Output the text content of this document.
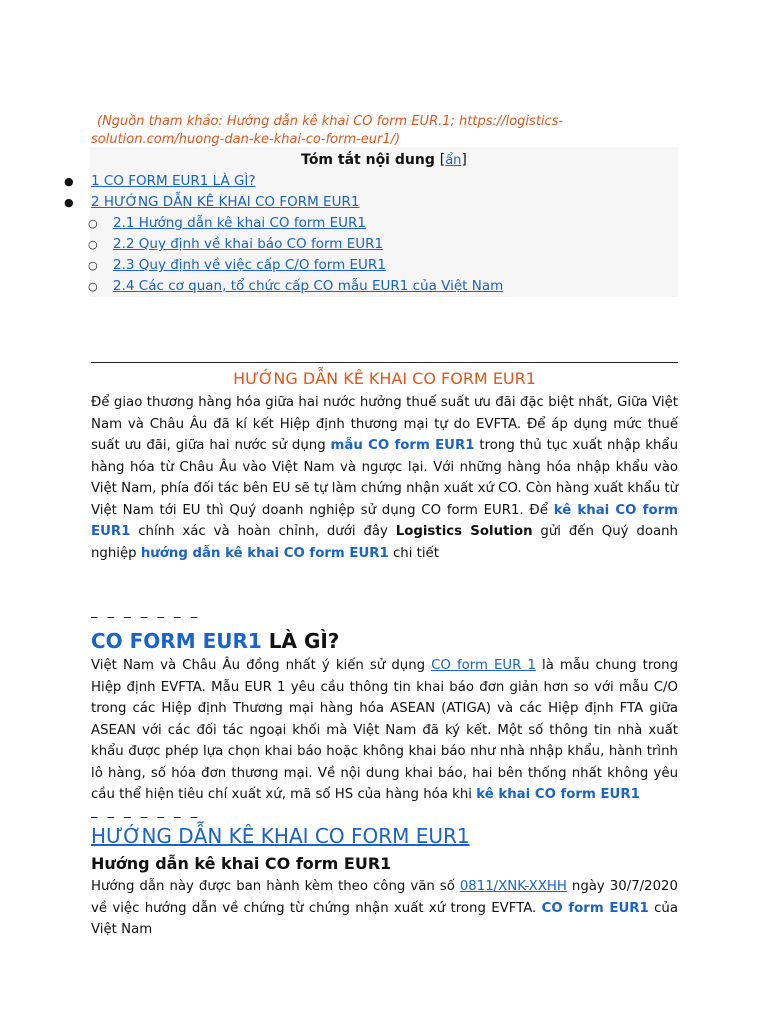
(Nguồn tham khảo: Hướng dẫn kê khai CO form EUR.1; https://logistics-solution.com/huong-dan-ke-khai-co-form-eur1/)

Tóm tắt nội dung [ẩn]
● 1 CO FORM EUR1 LÀ GÌ?
● 2 HƯỚNG DẪN KÊ KHAI CO FORM EUR1
○ 2.1 Hướng dẫn kê khai CO form EUR1
○ 2.2 Quy định về khai báo CO form EUR1
○ 2.3 Quy định về việc cấp C/O form EUR1
○ 2.4 Các cơ quan, tổ chức cấp CO mẫu EUR1 của Việt Nam
HƯỚNG DẪN KÊ KHAI CO FORM EUR1

Để giao thương hàng hóa giữa hai nước hưởng thuế suất ưu đãi đặc biệt nhất, Giữa Việt Nam và Châu Âu đã kí kết Hiệp định thương mại tự do EVFTA. Để áp dụng mức thuế suất ưu đãi, giữa hai nước sử dụng mẫu CO form EUR1 trong thủ tục xuất nhập khẩu hàng hóa từ Châu Âu vào Việt Nam và ngược lại. Với những hàng hóa nhập khẩu vào Việt Nam, phía đối tác bên EU sẽ tự làm chứng nhận xuất xứ CO. Còn hàng xuất khẩu từ Việt Nam tới EU thì Quý doanh nghiệp sử dụng CO form EUR1. Để kê khai CO form EUR1 chính xác và hoàn chỉnh, dưới đây Logistics Solution gửi đến Quý doanh nghiệp hướng dẫn kê khai CO form EUR1 chi tiết

_ _ _ _ _ _ _
CO FORM EUR1 LÀ GÌ?

Việt Nam và Châu Âu đồng nhất ý kiến sử dụng CO form EUR 1 là mẫu chung trong Hiệp định EVFTA. Mẫu EUR 1 yêu cầu thông tin khai báo đơn giản hơn so với mẫu C/O trong các Hiệp định Thương mại hàng hóa ASEAN (ATIGA) và các Hiệp định FTA giữa ASEAN với các đối tác ngoại khối mà Việt Nam đã ký kết. Một số thông tin nhà xuất khẩu được phép lựa chọn khai báo hoặc không khai báo như nhà nhập khẩu, hành trình lô hàng, số hóa đơn thương mại. Về nội dung khai báo, hai bên thống nhất không yêu cầu thể hiện tiêu chí xuất xứ, mã số HS của hàng hóa khi kê khai CO form EUR1

_ _ _ _ _ _ _
HƯỚNG DẪN KÊ KHAI CO FORM EUR1
Hướng dẫn kê khai CO form EUR1

Hướng dẫn này được ban hành kèm theo công văn số 0811/XNK-XXHH ngày 30/7/2020 về việc hướng dẫn về chứng từ chứng nhận xuất xứ trong EVFTA. CO form EUR1 của Việt Nam
